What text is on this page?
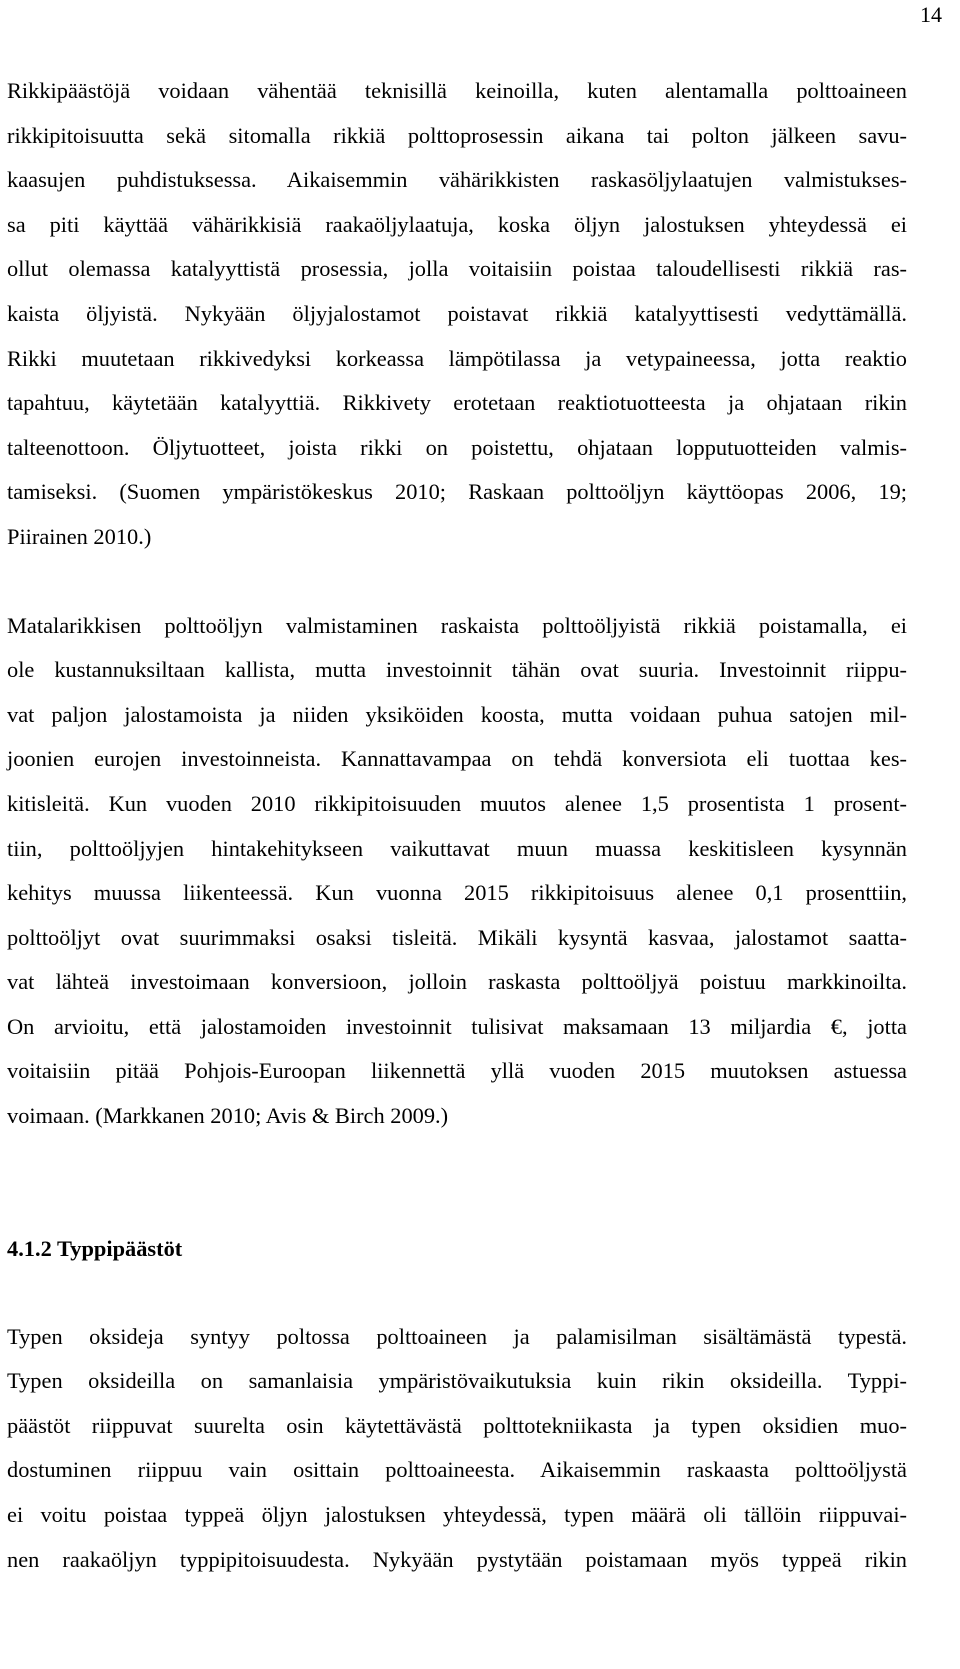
14
Rikkipäästöjä voidaan vähentää teknisillä keinoilla, kuten alentamalla polttoaineen
rikkipitoisuutta sekä sitomalla rikkiä polttoprosessin aikana tai polton jälkeen savu-
kaasujen puhdistuksessa. Aikaisemmin vähärikkisten raskasöljylaatujen valmistukses-
sa piti käyttää vähärikkisiä raakaöljylaatuja, koska öljyn jalostuksen yhteydessä ei
ollut olemassa katalyyttistä prosessia, jolla voitaisiin poistaa taloudellisesti rikkiä ras-
kaista öljyistä. Nykyään öljyjalostamot poistavat rikkiä katalyyttisesti vedyttämällä.
Rikki muutetaan rikkivedyksi korkeassa lämpötilassa ja vetypaineessa, jotta reaktio
tapahtuu, käytetään katalyyttiä. Rikkivety erotetaan reaktiotuotteesta ja ohjataan rikin
talteenottoon. Öljytuotteet, joista rikki on poistettu, ohjataan lopputuotteiden valmis-
tamiseksi. (Suomen ympäristökeskus 2010; Raskaan polttoöljyn käyttöopas 2006, 19;
Piirainen 2010.)
Matalarikkisen polttoöljyn valmistaminen raskaista polttoöljyistä rikkiä poistamalla, ei
ole kustannuksiltaan kallista, mutta investoinnit tähän ovat suuria. Investoinnit riippu-
vat paljon jalostamoista ja niiden yksiköiden koosta, mutta voidaan puhua satojen mil-
joonien eurojen investoinneista. Kannattavampaa on tehdä konversiota eli tuottaa kes-
kitisleitä. Kun vuoden 2010 rikkipitoisuuden muutos alenee 1,5 prosentista 1 prosent-
tiin, polttoöljyjen hintakehitykseen vaikuttavat muun muassa keskitisleen kysynnän
kehitys muussa liikenteessä. Kun vuonna 2015 rikkipitoisuus alenee 0,1 prosenttiin,
polttoöljyt ovat suurimmaksi osaksi tisleitä. Mikäli kysyntä kasvaa, jalostamot saatta-
vat lähteä investoimaan konversioon, jolloin raskasta polttoöljyä poistuu markkinoilta.
On arvioitu, että jalostamoiden investoinnit tulisivat maksamaan 13 miljardia €, jotta
voitaisiin pitää Pohjois-Euroopan liikennettä yllä vuoden 2015 muutoksen astuessa
voimaan. (Markkanen 2010; Avis & Birch 2009.)
4.1.2 Typpipäästöt
Typen oksideja syntyy poltossa polttoaineen ja palamisilman sisältämästä typestä.
Typen oksideilla on samanlaisia ympäristövaikutuksia kuin rikin oksideilla. Typpi-
päästöt riippuvat suurelta osin käytettävästä polttotekniikasta ja typen oksidien muo-
dostuminen riippuu vain osittain polttoaineesta. Aikaisemmin raskaasta polttoöljystä
ei voitu poistaa typpeä öljyn jalostuksen yhteydessä, typen määrä oli tällöin riippuvai-
nen raakaöljyn typpipitoisuudesta. Nykyään pystytään poistamaan myös typpeä rikin
